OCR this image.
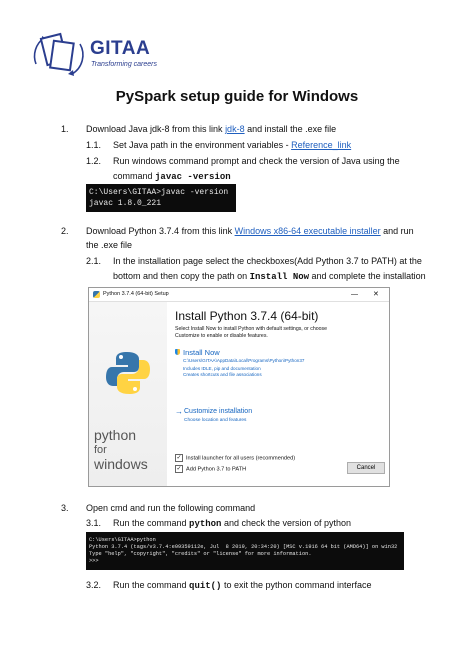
GITAA
Transforming careers
PySpark setup guide for Windows
1. Download Java jdk-8 from this link jdk-8 and install the .exe file
1.1. Set Java path in the environment variables - Reference_link
1.2. Run windows command prompt and check the version of Java using the
command javac -version
C:\Users\GITAA>javac -version
javac 1.8.0_221
2. Download Python 3.7.4 from this link Windows x86-64 executable installer and run
the .exe file
2.1. In the installation page select the checkboxes(Add Python 3.7 to PATH) at the
bottom and then copy the path on Install Now and complete the installation
Python 3.7.4 (64-bit) Setup	— ✕
python
for
windows
Install Python 3.7.4 (64-bit)
Select Install Now to install Python with default settings, or choose
Customize to enable or disable features.
Install Now
C:\Users\GITAA\AppData\Local\Programs\Python\Python37
Includes IDLE, pip and documentation
Creates shortcuts and file associations
→ Customize installation
Choose location and features
✓ Install launcher for all users (recommended)
✓ Add Python 3.7 to PATH	Cancel
3. Open cmd and run the following command
3.1. Run the command python and check the version of python
C:\Users\GITAA>python
Python 3.7.4 (tags/v3.7.4:e09359112e, Jul  8 2019, 20:34:20) [MSC v.1916 64 bit (AMD64)] on win32
Type "help", "copyright", "credits" or "license" for more information.
>>>
3.2. Run the command quit() to exit the python command interface
